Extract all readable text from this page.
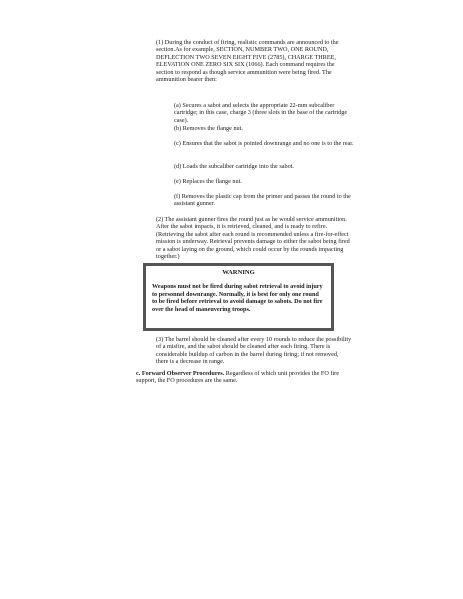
(1) During the conduct of firing, realistic commands are announced to the section.As for example, SECTION, NUMBER TWO, ONE ROUND, DEFLECTION TWO SEVEN EIGHT FIVE (2785), CHARGE THREE, ELEVATION ONE ZERO SIX SIX (1066). Each command requires the section to respond as though service ammunition were being fired. The ammunition bearer then:

(a) Secures a sabot and selects the appropriate 22-mm subcaliber cartridge; in this case, charge 3 (three slots in the base of the cartridge case).

(b) Removes the flange nut.

(c) Ensures that the sabot is pointed downrange and no one is to the rear.

(d) Loads the subcaliber cartridge into the sabot.

(e) Replaces the flange nut.

(f) Removes the plastic cap from the primer and passes the round to the assistant gunner.

(2) The assistant gunner fires the round just as he would service ammunition. After the sabot impacts, it is retrieved, cleaned, and is ready to refire. (Retrieving the sabot after each round is recommended unless a fire-for-effect mission is underway. Retrieval prevents damage to either the sabot being fired or a sabot laying on the ground, which could occur by the rounds impacting together.)

WARNING

Weapons must not be fired during sabot retrieval to avoid injury to personnel downrange. Normally, it is best for only one round to be fired before retrieval to avoid damage to sabots. Do not fire over the head of maneuvering troops.

(3) The barrel should be cleaned after every 10 rounds to reduce the possibility of a misfire, and the sabot should be cleaned after each firing. There is considerable buildup of carbon in the barrel during firing; if not removed, there is a decrease in range.

c. Forward Observer Procedures. Regardless of which unit provides the FO fire support, the FO procedures are the same.
